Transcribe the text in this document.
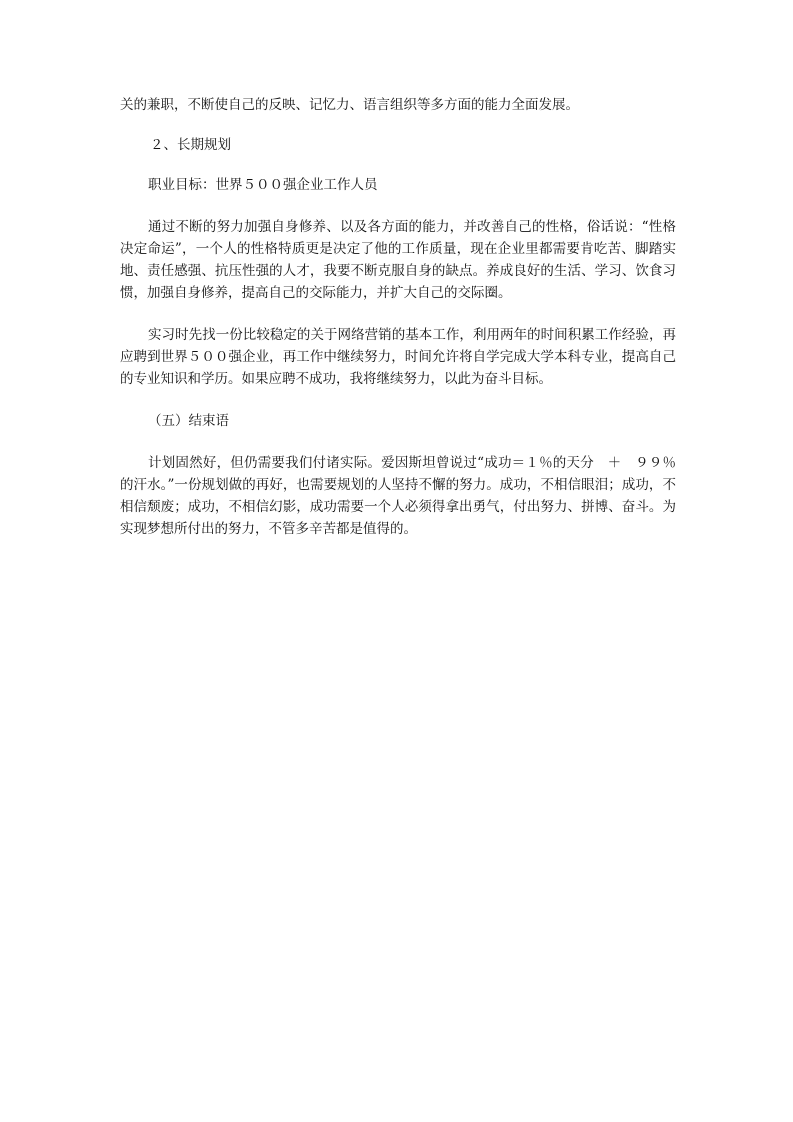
关的兼职，不断使自己的反映、记忆力、语言组织等多方面的能力全面发展。

２、长期规划

职业目标：世界５００强企业工作人员

通过不断的努力加强自身修养、以及各方面的能力，并改善自己的性格，俗话说：“性格决定命运”，一个人的性格特质更是决定了他的工作质量，现在企业里都需要肯吃苦、脚踏实地、责任感强、抗压性强的人才，我要不断克服自身的缺点。养成良好的生活、学习、饮食习惯，加强自身修养，提高自己的交际能力，并扩大自己的交际圈。

实习时先找一份比较稳定的关于网络营销的基本工作，利用两年的时间积累工作经验，再应聘到世界５００强企业，再工作中继续努力，时间允许将自学完成大学本科专业，提高自己的专业知识和学历。如果应聘不成功，我将继续努力，以此为奋斗目标。

（五）结束语

计划固然好，但仍需要我们付诸实际。爱因斯坦曾说过“成功＝１％的天分　＋　９９％的汗水。”一份规划做的再好，也需要规划的人坚持不懈的努力。成功，不相信眼泪；成功，不相信颓废；成功，不相信幻影，成功需要一个人必须得拿出勇气，付出努力、拼博、奋斗。为实现梦想所付出的努力，不管多辛苦都是值得的。
